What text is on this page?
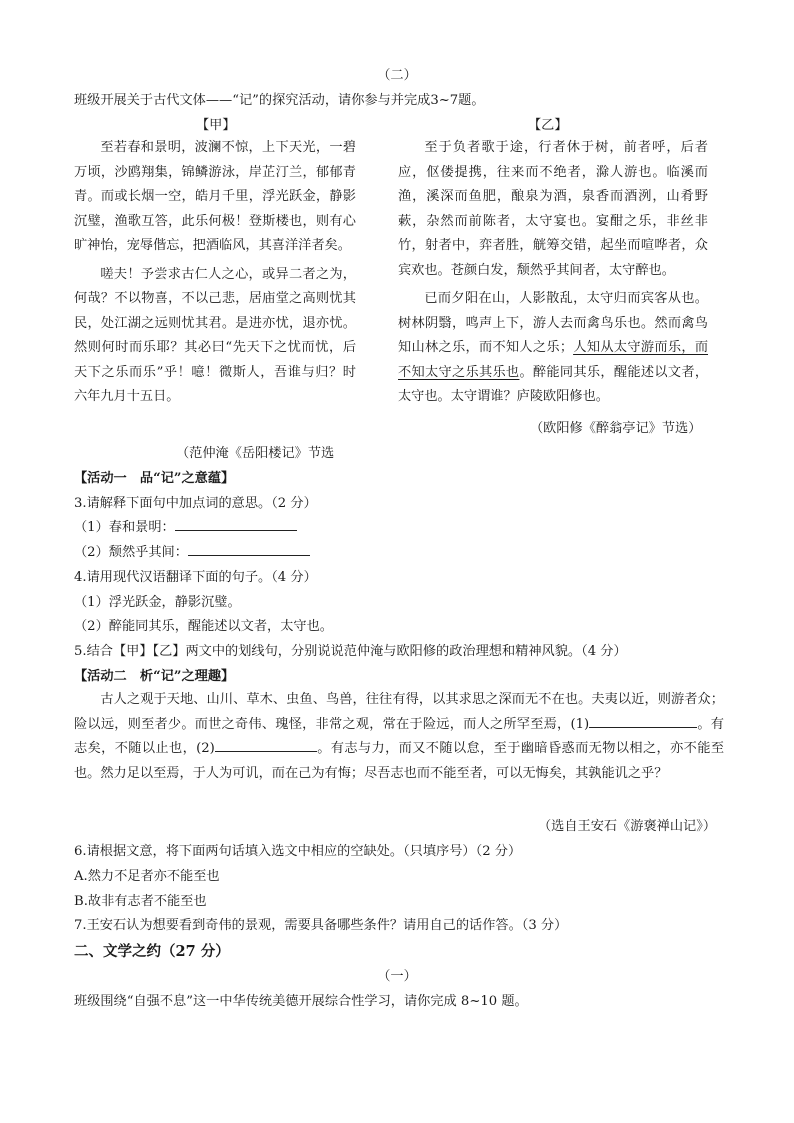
（二）
班级开展关于古代文体——“记”的探究活动，请你参与并完成3~7题。
【甲】	【乙】
至若春和景明，波澜不惊，上下天光，一碧万顷，沙鸥翔集，锦鳞游泳，岸芷汀兰，郁郁青青。而或长烟一空，皓月千里，浮光跃金，静影沉璧，渔歌互答，此乐何极！登斯楼也，则有心旷神怡，宠辱偕忘，把酒临风，其喜洋洋者矣。
嗟夫！予尝求古仁人之心，或异二者之为，何哉？不以物喜，不以己悲，居庙堂之高则忧其民，处江湖之远则忧其君。是进亦忧，退亦忧。然则何时而乐耶？其必曰“先天下之忧而忧，后天下之乐而乐”乎！噫！微斯人，吾谁与归？时六年九月十五日。
（范仲淹《岳阳楼记》节选
至于负者歌于途，行者休于树，前者呼，后者应，伛偻提携，往来而不绝者，滁人游也。临溪而渔，溪深而鱼肥，酿泉为酒，泉香而酒洌，山肴野蔌，杂然而前陈者，太守宴也。宴酣之乐，非丝非竹，射者中，弈者胜，觥筹交错，起坐而喧哗者，众宾欢也。苍颜白发，颓然乎其间者，太守醉也。
已而夕阳在山，人影散乱，太守归而宾客从也。树林阴翳，鸣声上下，游人去而禽鸟乐也。然而禽鸟知山林之乐，而不知人之乐；人知从太守游而乐，而不知太守之乐其乐也。醉能同其乐，醒能述以文者，太守也。太守谓谁？庐陵欧阳修也。
（欧阳修《醉翁亭记》节选）
【活动一　品“记”之意蕴】
3.请解释下面句中加点词的意思。（2 分）
（1）春和景明：
（2）颓然乎其间：
4.请用现代汉语翻译下面的句子。（4 分）
（1）浮光跃金，静影沉璧。
（2）醉能同其乐，醒能述以文者，太守也。
5.结合【甲】【乙】两文中的划线句，分别说说范仲淹与欧阳修的政治理想和精神风貌。（4 分）
【活动二　析“记”之理趣】
古人之观于天地、山川、草木、虫鱼、鸟兽，往往有得，以其求思之深而无不在也。夫夷以近，则游者众；险以远，则至者少。而世之奇伟、瑰怪，非常之观，常在于险远，而人之所罕至焉，(1)	。有志矣，不随以止也，(2)	。有志与力，而又不随以怠，至于幽暗昏惑而无物以相之，亦不能至也。然力足以至焉，于人为可讥，而在己为有悔；尽吾志也而不能至者，可以无悔矣，其孰能讥之乎？
（选自王安石《游褒禅山记》）
6.请根据文意，将下面两句话填入选文中相应的空缺处。（只填序号）（2 分）
A.然力不足者亦不能至也
B.故非有志者不能至也
7.王安石认为想要看到奇伟的景观，需要具备哪些条件？请用自己的话作答。（3 分）
二、文学之约（27 分）
（一）
班级围绕“自强不息”这一中华传统美德开展综合性学习，请你完成 8~10 题。
